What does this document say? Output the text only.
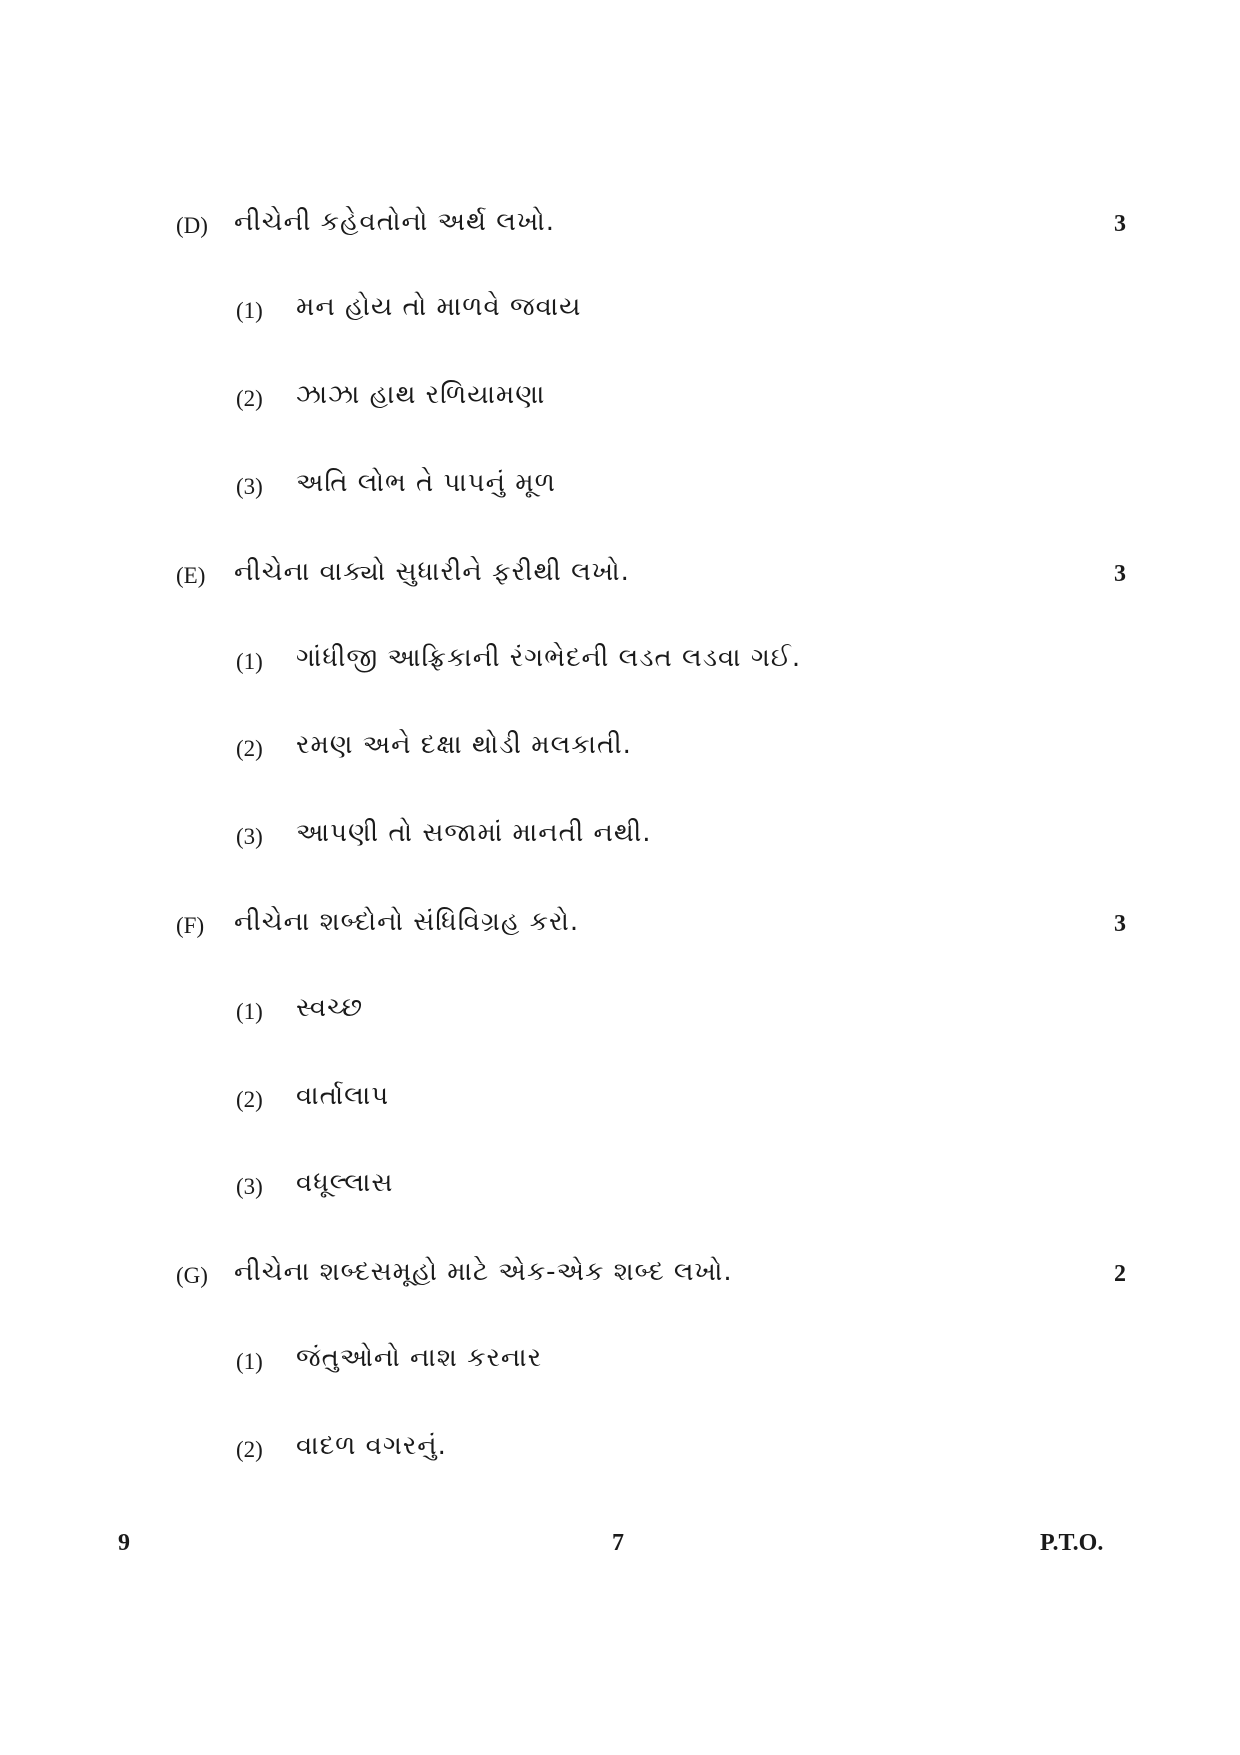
(D) નીચેની કહેવતોનો અર્થ લખો.	3
(1) મન હોય તો માળવે જવાય
(2) ઝાઝા હાથ રળિયામણા
(3) અતિ લોભ તે પાપનું મૂળ
(E) નીચેના વાક્યો સુધારીને ફરીથી લખો.	3
(1) ગાંધીજી આફ્રિકાની રંગભેદની લડત લડવા ગઈ.
(2) રમણ અને દક્ષા થોડી મલકાતી.
(3) આપણી તો સજામાં માનતી નથી.
(F) નીચેના શબ્દોનો સંધિવિગ્રહ કરો.	3
(1) સ્વચ્છ
(2) વાર્તાલાપ
(3) વધૂલ્લાસ
(G) નીચેના શબ્દસમૂહો માટે એક-એક શબ્દ લખો.	2
(1) જંતુઓનો નાશ કરનાર
(2) વાદળ વગરનું.
9	7	P.T.O.
